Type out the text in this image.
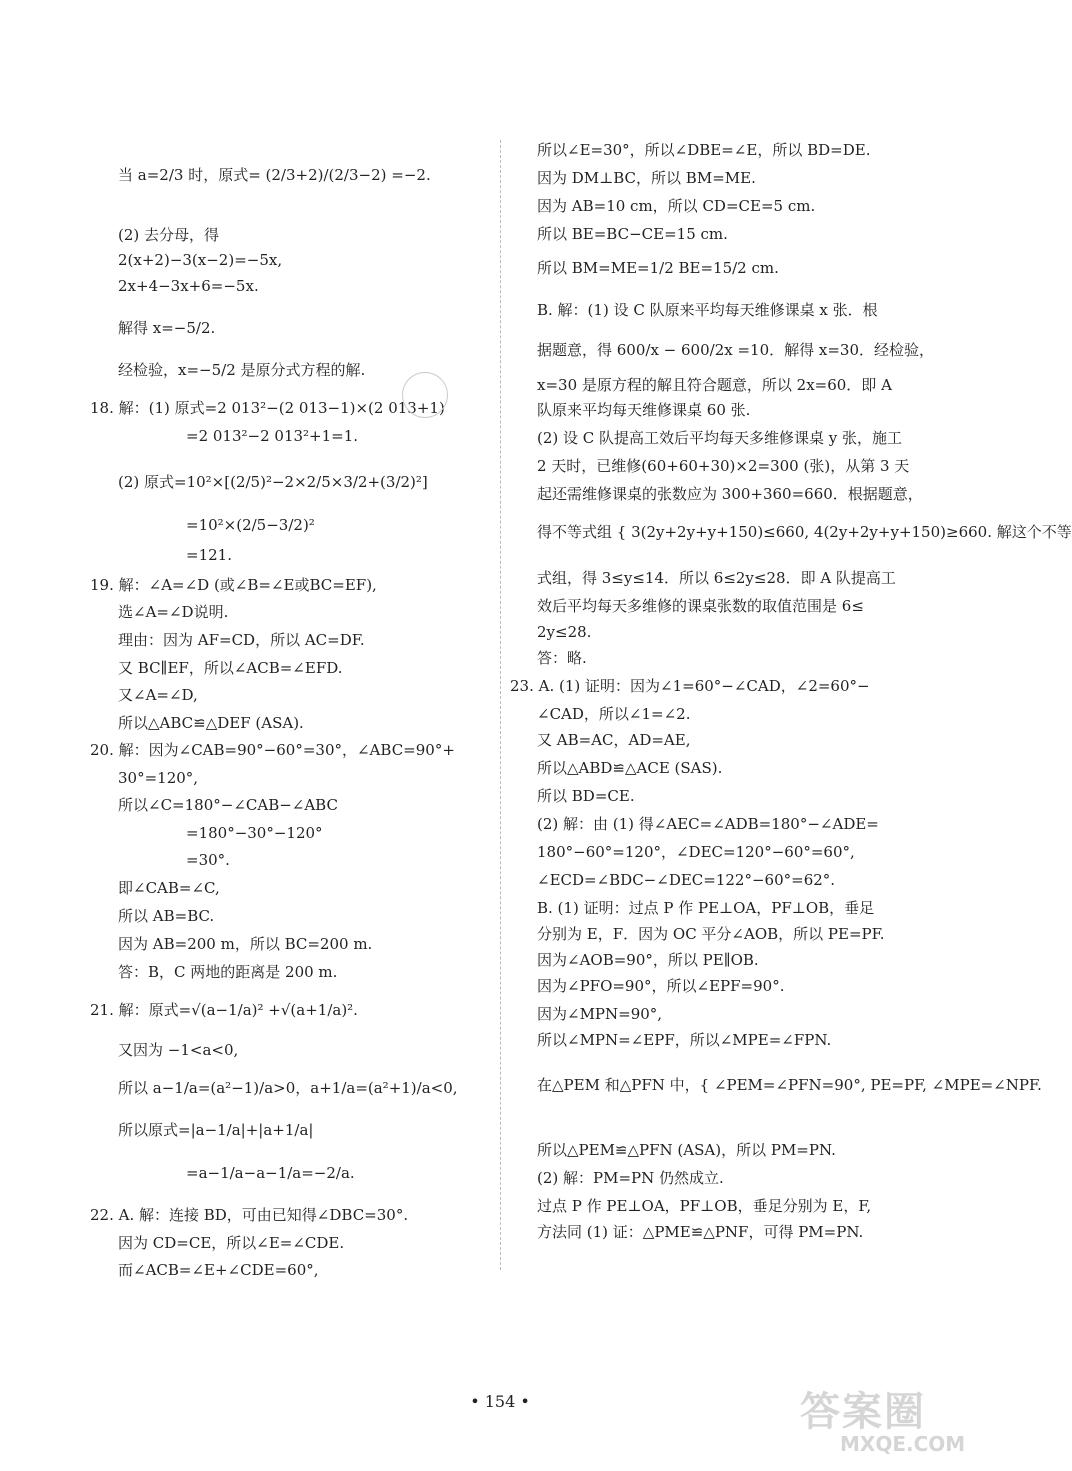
当 a=2/3 时，原式= (2/3+2)/(2/3−2) =−2.
(2) 去分母，得
2(x+2)−3(x−2)=−5x,
2x+4−3x+6=−5x.
解得 x=−5/2.
经检验，x=−5/2 是原分式方程的解.
18. 解：(1) 原式=2 013²−(2 013−1)×(2 013+1)
=2 013²−2 013²+1=1.
(2) 原式=10²×[(2/5)²−2×2/5×3/2+(3/2)²]
=10²×(2/5−3/2)²
=121.
19. 解：∠A=∠D (或∠B=∠E或BC=EF),
选∠A=∠D说明.
理由：因为 AF=CD，所以 AC=DF.
又 BC∥EF，所以∠ACB=∠EFD.
又∠A=∠D,
所以△ABC≌△DEF (ASA).
20. 解：因为∠CAB=90°−60°=30°，∠ABC=90°+
30°=120°,
所以∠C=180°−∠CAB−∠ABC
=180°−30°−120°
=30°.
即∠CAB=∠C,
所以 AB=BC.
因为 AB=200 m，所以 BC=200 m.
答：B，C 两地的距离是 200 m.
21. 解：原式=√(a−1/a)² +√(a+1/a)².
又因为 −1<a<0,
所以 a−1/a=(a²−1)/a>0，a+1/a=(a²+1)/a<0,
所以原式=|a−1/a|+|a+1/a|
=a−1/a−a−1/a=−2/a.
22. A. 解：连接 BD，可由已知得∠DBC=30°.
因为 CD=CE，所以∠E=∠CDE.
而∠ACB=∠E+∠CDE=60°,
所以∠E=30°，所以∠DBE=∠E，所以 BD=DE.
因为 DM⊥BC，所以 BM=ME.
因为 AB=10 cm，所以 CD=CE=5 cm.
所以 BE=BC−CE=15 cm.
所以 BM=ME=1/2 BE=15/2 cm.
B. 解：(1) 设 C 队原来平均每天维修课桌 x 张．根
据题意，得 600/x − 600/2x =10．解得 x=30．经检验，
x=30 是原方程的解且符合题意，所以 2x=60．即 A
队原来平均每天维修课桌 60 张.
(2) 设 C 队提高工效后平均每天多维修课桌 y 张，施工
2 天时，已维修(60+60+30)×2=300 (张)，从第 3 天
起还需维修课桌的张数应为 300+360=660．根据题意，
得不等式组 { 3(2y+2y+y+150)≤660, 4(2y+2y+y+150)≥660. 解这个不等
式组，得 3≤y≤14．所以 6≤2y≤28．即 A 队提高工
效后平均每天多维修的课桌张数的取值范围是 6≤
2y≤28.
答：略.
23. A. (1) 证明：因为∠1=60°−∠CAD，∠2=60°−
∠CAD，所以∠1=∠2.
又 AB=AC，AD=AE,
所以△ABD≌△ACE (SAS).
所以 BD=CE.
(2) 解：由 (1) 得∠AEC=∠ADB=180°−∠ADE=
180°−60°=120°，∠DEC=120°−60°=60°,
∠ECD=∠BDC−∠DEC=122°−60°=62°.
B. (1) 证明：过点 P 作 PE⊥OA，PF⊥OB，垂足
分别为 E，F．因为 OC 平分∠AOB，所以 PE=PF.
因为∠AOB=90°，所以 PE∥OB.
因为∠PFO=90°，所以∠EPF=90°.
因为∠MPN=90°,
所以∠MPN=∠EPF，所以∠MPE=∠FPN.
在△PEM 和△PFN 中，{ ∠PEM=∠PFN=90°, PE=PF, ∠MPE=∠NPF.
所以△PEM≌△PFN (ASA)，所以 PM=PN.
(2) 解：PM=PN 仍然成立.
过点 P 作 PE⊥OA，PF⊥OB，垂足分别为 E，F,
方法同 (1) 证：△PME≌△PNF，可得 PM=PN.
• 154 •	答案圈
MXQE.COM
